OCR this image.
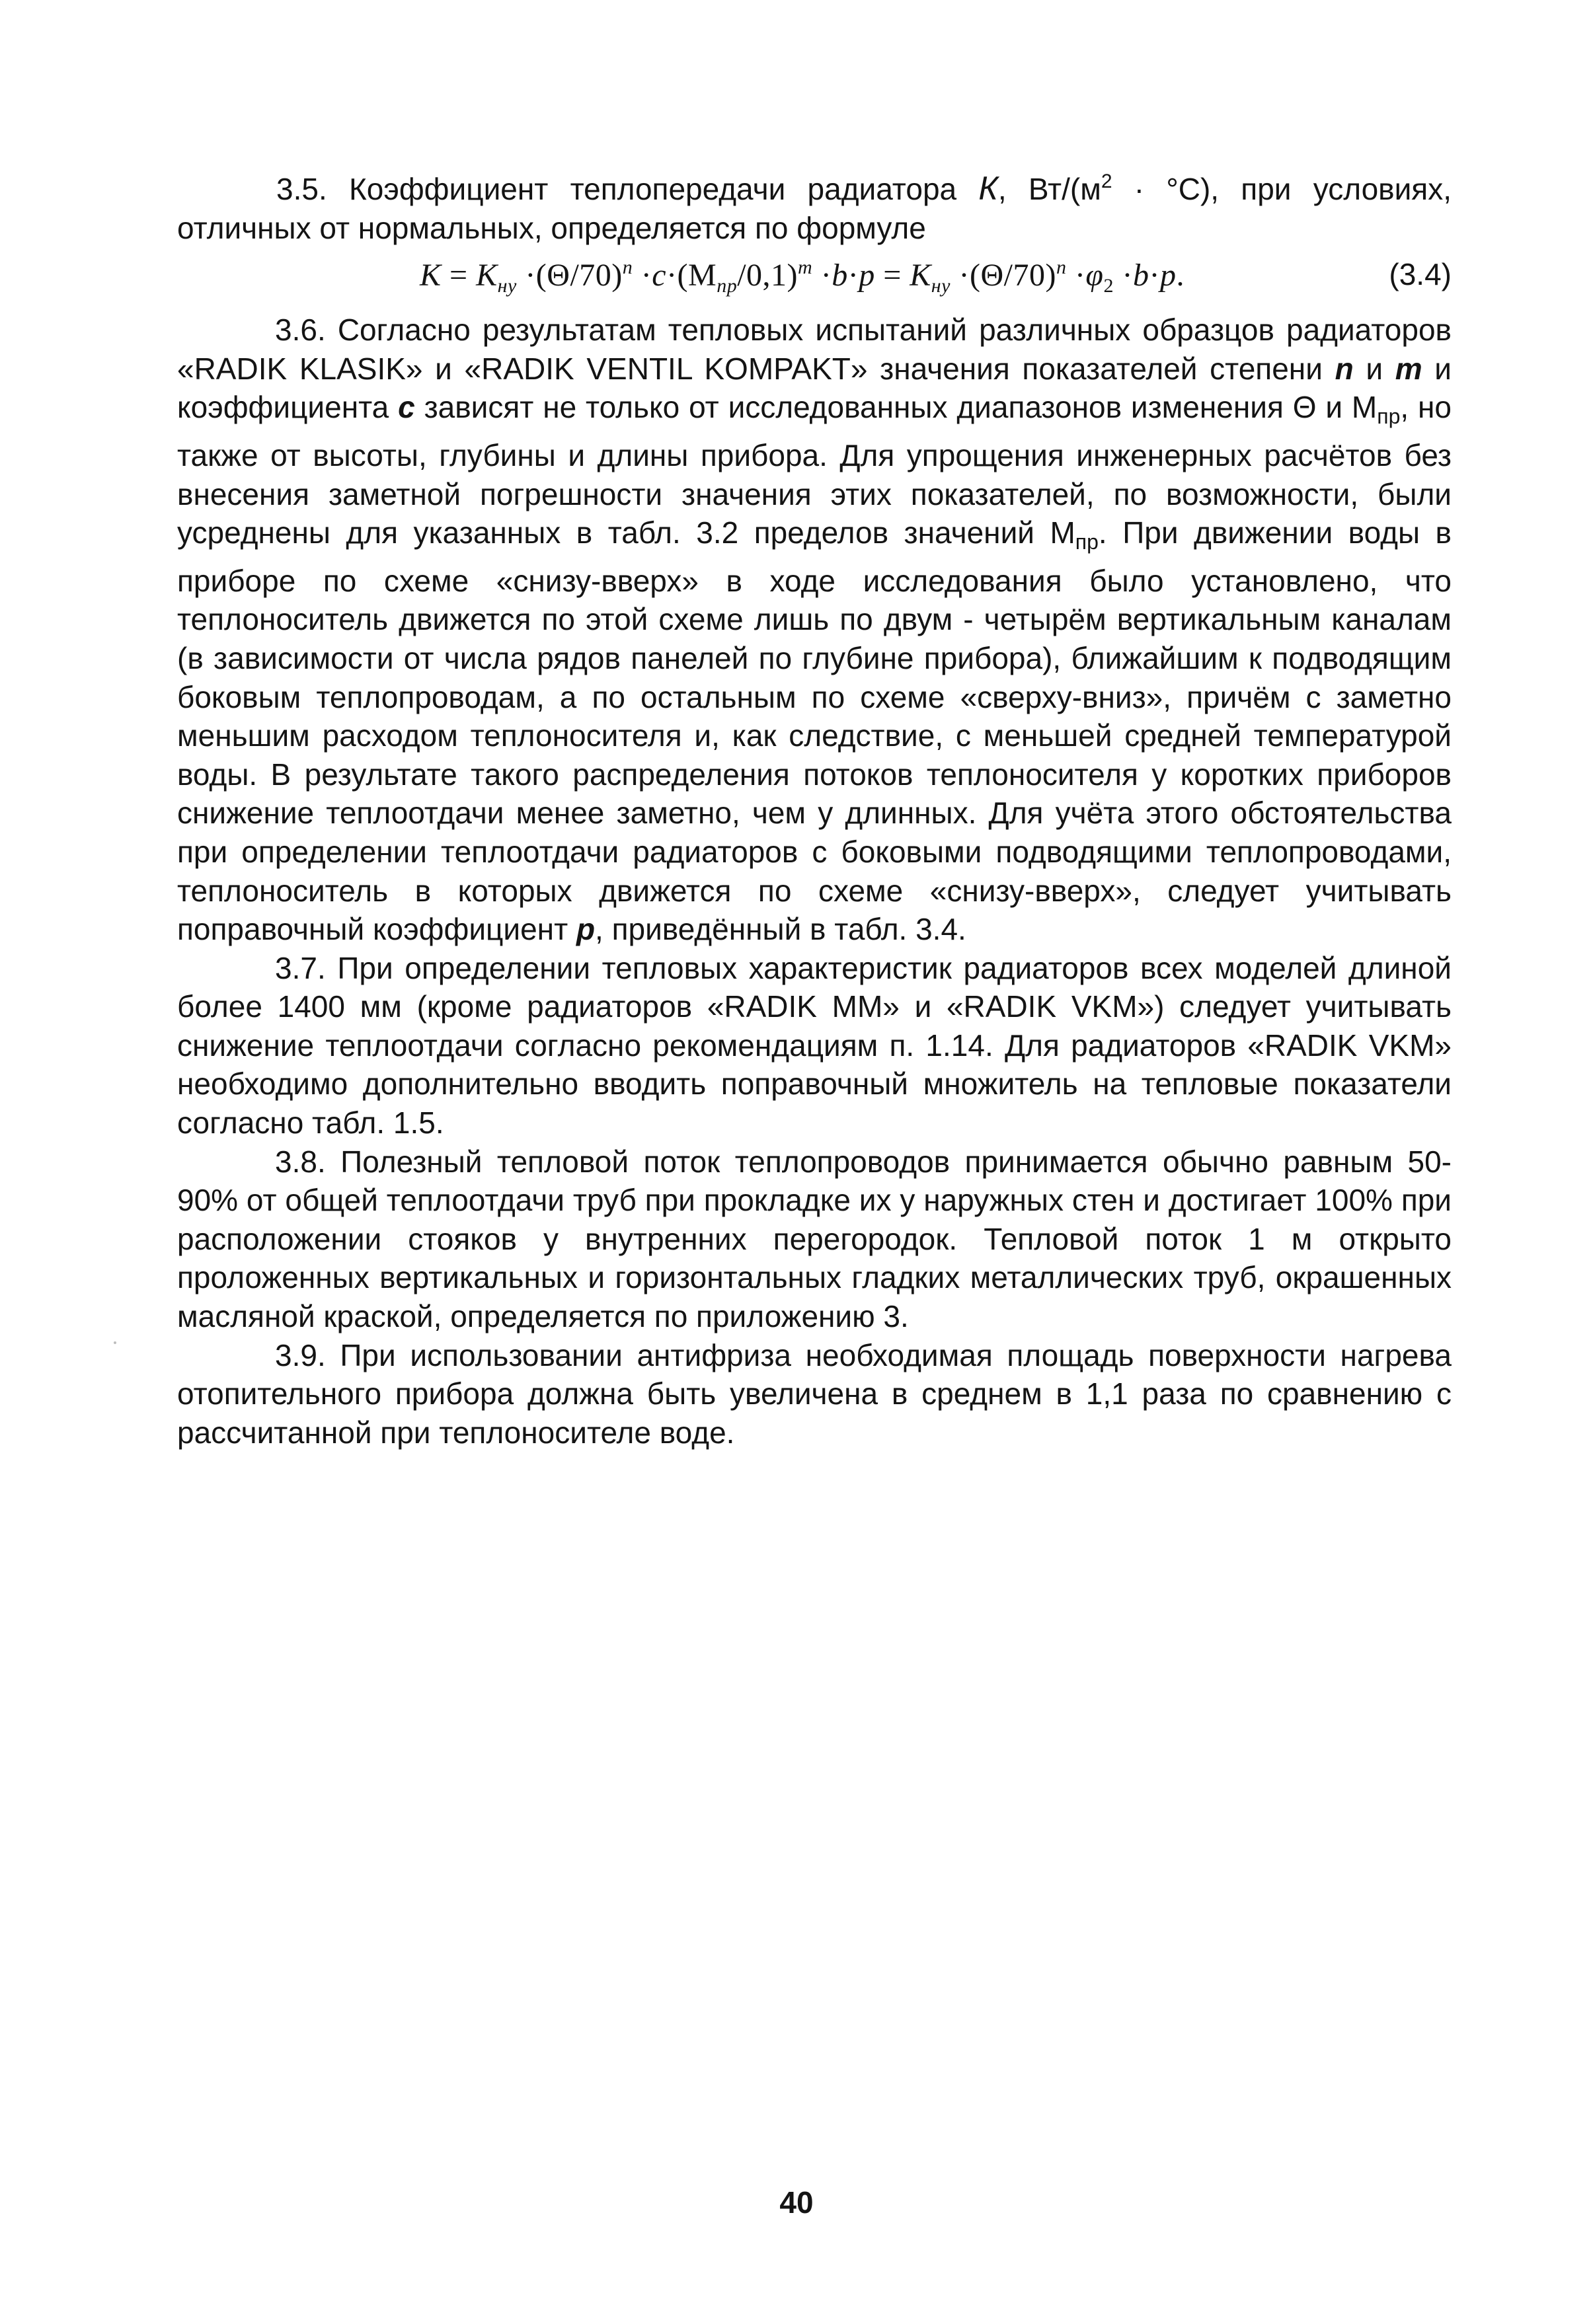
3.5. Коэффициент теплопередачи радиатора К, $Вт/(м^2 \cdot ^\circ С)$, при условиях, отличных от нормальных, определяется по формуле

$K = K_{ну} \cdot(\Theta/70)^n \cdot c\cdot(M_{пр}/0,1)^m \cdot b\cdot p = K_{ну} \cdot(\Theta/70)^n \cdot\varphi_2 \cdot b\cdot p$.	(3.4)

3.6. Согласно результатам тепловых испытаний различных образцов радиаторов «RADIK KLASIK» и «RADIK VENTIL KOMPAKT» значения показателей степени n и m и коэффициента с зависят не только от исследованных диапазонов изменения Θ и $М_{пр}$, но также от высоты, глубины и длины прибора. Для упрощения инженерных расчётов без внесения заметной погрешности значения этих показателей, по возможности, были усреднены для указанных в табл. 3.2 пределов значений $М_{пр}$. При движении воды в приборе по схеме «снизу-вверх» в ходе исследования было установлено, что теплоноситель движется по этой схеме лишь по двум - четырём вертикальным каналам (в зависимости от числа рядов панелей по глубине прибора), ближайшим к подводящим боковым теплопроводам, а по остальным по схеме «сверху-вниз», причём с заметно меньшим расходом теплоносителя и, как следствие, с меньшей средней температурой воды. В результате такого распределения потоков теплоносителя у коротких приборов снижение теплоотдачи менее заметно, чем у длинных. Для учёта этого обстоятельства при определении теплоотдачи радиаторов с боковыми подводящими теплопроводами, теплоноситель в которых движется по схеме «снизу-вверх», следует учитывать поправочный коэффициент р, приведённый в табл. 3.4.

3.7. При определении тепловых характеристик радиаторов всех моделей длиной более 1400 мм (кроме радиаторов «RADIK MM» и «RADIK VKM») следует учитывать снижение теплоотдачи согласно рекомендациям п. 1.14. Для радиаторов «RADIK VKM» необходимо дополнительно вводить поправочный множитель на тепловые показатели согласно табл. 1.5.

3.8. Полезный тепловой поток теплопроводов принимается обычно равным 50-90% от общей теплоотдачи труб при прокладке их у наружных стен и достигает 100% при расположении стояков у внутренних перегородок. Тепловой поток 1 м открыто проложенных вертикальных и горизонтальных гладких металлических труб, окрашенных масляной краской, определяется по приложению 3.

3.9. При использовании антифриза необходимая площадь поверхности нагрева отопительного прибора должна быть увеличена в среднем в 1,1 раза по сравнению с рассчитанной при теплоносителе воде.

40
